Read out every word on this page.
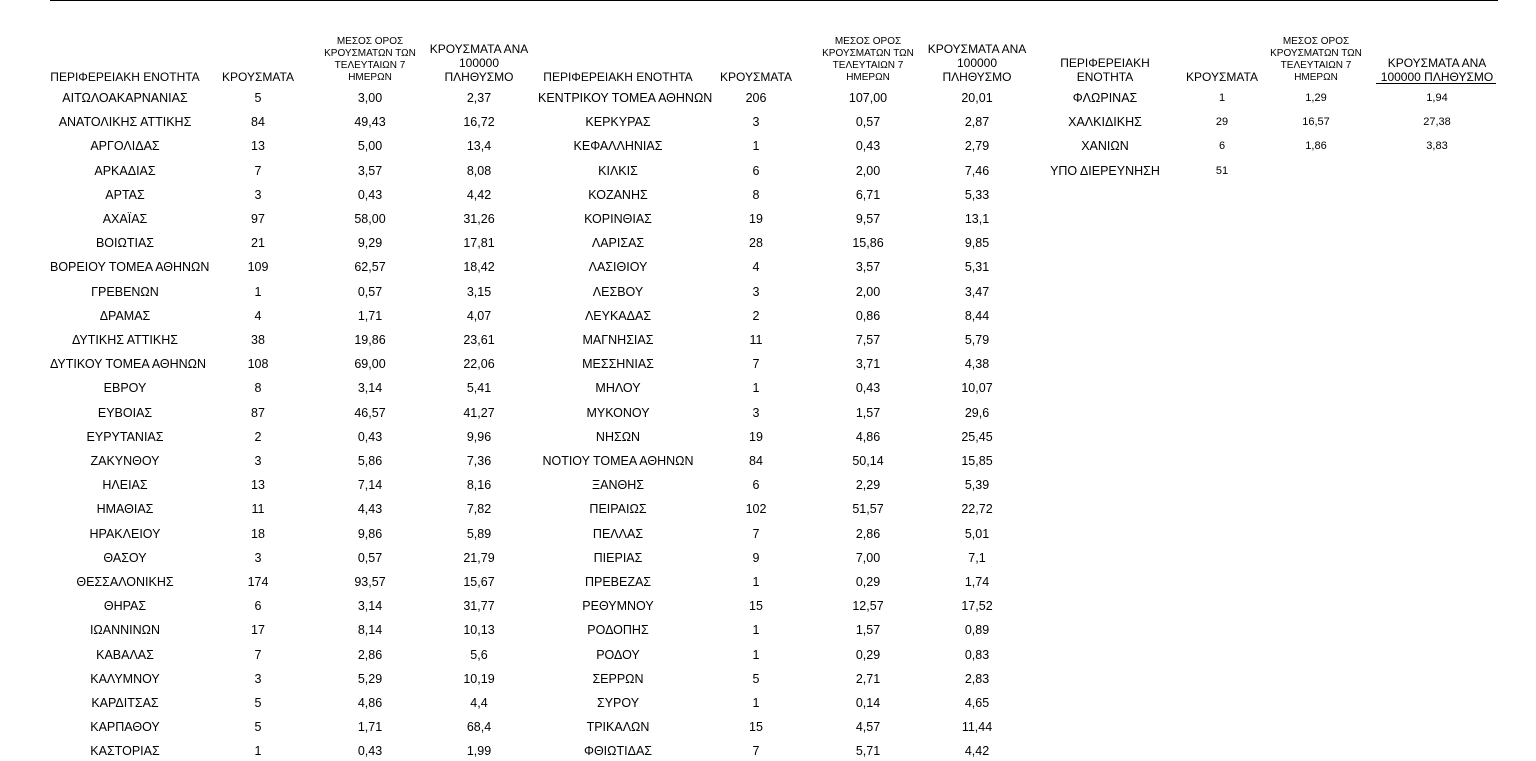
ΠΕΡΙΦΕΡΕΙΑΚΗ ΕΝΟΤΗΤΑ	ΚΡΟΥΣΜΑΤΑ
ΜΕΣΟΣ ΟΡΟΣ ΚΡΟΥΣΜΑΤΩΝ ΤΩΝ ΤΕΛΕΥΤΑΙΩΝ 7 ΗΜΕΡΩΝ
ΚΡΟΥΣΜΑΤΑ ΑΝΑ 100000 ΠΛΗΘΥΣΜΟ
ΑΙΤΩΛΟΑΚΑΡΝΑΝΙΑΣ	5	3,00	2,37
ΑΝΑΤΟΛΙΚΗΣ ΑΤΤΙΚΗΣ	84	49,43	16,72
ΑΡΓΟΛΙΔΑΣ	13	5,00	13,4
ΑΡΚΑΔΙΑΣ	7	3,57	8,08
ΑΡΤΑΣ	3	0,43	4,42
ΑΧΑΪΑΣ	97	58,00	31,26
ΒΟΙΩΤΙΑΣ	21	9,29	17,81
ΒΟΡΕΙΟΥ ΤΟΜΕΑ ΑΘΗΝΩΝ	109	62,57	18,42
ΓΡΕΒΕΝΩΝ	1	0,57	3,15
ΔΡΑΜΑΣ	4	1,71	4,07
ΔΥΤΙΚΗΣ ΑΤΤΙΚΗΣ	38	19,86	23,61
ΔΥΤΙΚΟΥ ΤΟΜΕΑ ΑΘΗΝΩΝ	108	69,00	22,06
ΕΒΡΟΥ	8	3,14	5,41
ΕΥΒΟΙΑΣ	87	46,57	41,27
ΕΥΡΥΤΑΝΙΑΣ	2	0,43	9,96
ΖΑΚΥΝΘΟΥ	3	5,86	7,36
ΗΛΕΙΑΣ	13	7,14	8,16
ΗΜΑΘΙΑΣ	11	4,43	7,82
ΗΡΑΚΛΕΙΟΥ	18	9,86	5,89
ΘΑΣΟΥ	3	0,57	21,79
ΘΕΣΣΑΛΟΝΙΚΗΣ	174	93,57	15,67
ΘΗΡΑΣ	6	3,14	31,77
ΙΩΑΝΝΙΝΩΝ	17	8,14	10,13
ΚΑΒΑΛΑΣ	7	2,86	5,6
ΚΑΛΥΜΝΟΥ	3	5,29	10,19
ΚΑΡΔΙΤΣΑΣ	5	4,86	4,4
ΚΑΡΠΑΘΟΥ	5	1,71	68,4
ΚΑΣΤΟΡΙΑΣ	1	0,43	1,99
ΠΕΡΙΦΕΡΕΙΑΚΗ ΕΝΟΤΗΤΑ	ΚΡΟΥΣΜΑΤΑ
ΜΕΣΟΣ ΟΡΟΣ ΚΡΟΥΣΜΑΤΩΝ ΤΩΝ ΤΕΛΕΥΤΑΙΩΝ 7 ΗΜΕΡΩΝ
ΚΡΟΥΣΜΑΤΑ ΑΝΑ 100000 ΠΛΗΘΥΣΜΟ
ΚΕΝΤΡΙΚΟΥ ΤΟΜΕΑ ΑΘΗΝΩΝ	206	107,00	20,01
ΚΕΡΚΥΡΑΣ	3	0,57	2,87
ΚΕΦΑΛΛΗΝΙΑΣ	1	0,43	2,79
ΚΙΛΚΙΣ	6	2,00	7,46
ΚΟΖΑΝΗΣ	8	6,71	5,33
ΚΟΡΙΝΘΙΑΣ	19	9,57	13,1
ΛΑΡΙΣΑΣ	28	15,86	9,85
ΛΑΣΙΘΙΟΥ	4	3,57	5,31
ΛΕΣΒΟΥ	3	2,00	3,47
ΛΕΥΚΑΔΑΣ	2	0,86	8,44
ΜΑΓΝΗΣΙΑΣ	11	7,57	5,79
ΜΕΣΣΗΝΙΑΣ	7	3,71	4,38
ΜΗΛΟΥ	1	0,43	10,07
ΜΥΚΟΝΟΥ	3	1,57	29,6
ΝΗΣΩΝ	19	4,86	25,45
ΝΟΤΙΟΥ ΤΟΜΕΑ ΑΘΗΝΩΝ	84	50,14	15,85
ΞΑΝΘΗΣ	6	2,29	5,39
ΠΕΙΡΑΙΩΣ	102	51,57	22,72
ΠΕΛΛΑΣ	7	2,86	5,01
ΠΙΕΡΙΑΣ	9	7,00	7,1
ΠΡΕΒΕΖΑΣ	1	0,29	1,74
ΡΕΘΥΜΝΟΥ	15	12,57	17,52
ΡΟΔΟΠΗΣ	1	1,57	0,89
ΡΟΔΟΥ	1	0,29	0,83
ΣΕΡΡΩΝ	5	2,71	2,83
ΣΥΡΟΥ	1	0,14	4,65
ΤΡΙΚΑΛΩΝ	15	4,57	11,44
ΦΘΙΩΤΙΔΑΣ	7	5,71	4,42
ΠΕΡΙΦΕΡΕΙΑΚΗ ΕΝΟΤΗΤΑ	ΚΡΟΥΣΜΑΤΑ
ΜΕΣΟΣ ΟΡΟΣ ΚΡΟΥΣΜΑΤΩΝ ΤΩΝ ΤΕΛΕΥΤΑΙΩΝ 7 ΗΜΕΡΩΝ
ΚΡΟΥΣΜΑΤΑ ΑΝΑ 100000 ΠΛΗΘΥΣΜΟ
ΦΛΩΡΙΝΑΣ	1	1,29	1,94
ΧΑΛΚΙΔΙΚΗΣ	29	16,57	27,38
ΧΑΝΙΩΝ	6	1,86	3,83
ΥΠΟ ΔΙΕΡΕΥΝΗΣΗ	51
